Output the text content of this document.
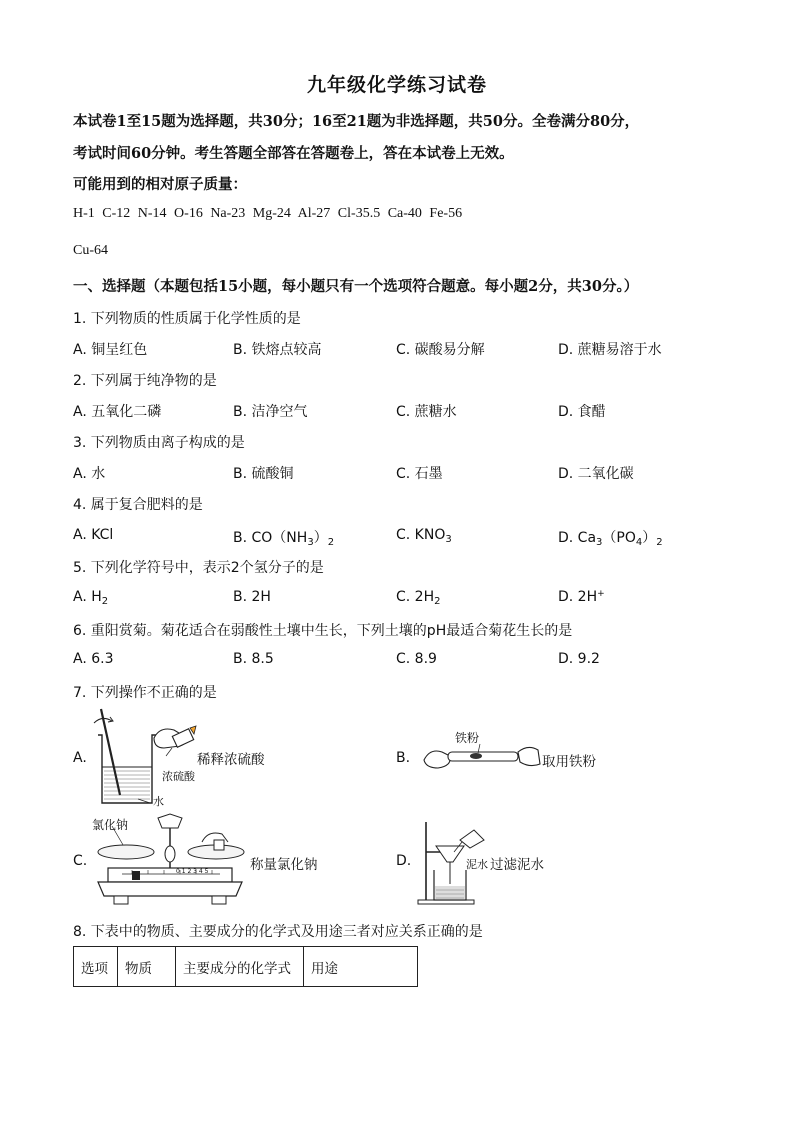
九年级化学练习试卷
本试卷1至15题为选择题，共30分；16至21题为非选择题，共50分。全卷满分80分，
考试时间60分钟。考生答题全部答在答题卷上，答在本试卷上无效。
可能用到的相对原子质量：
H-1 C-12 N-14 O-16 Na-23 Mg-24 Al-27 Cl-35.5 Ca-40 Fe-56
Cu-64
一、选择题（本题包括15小题，每小题只有一个选项符合题意。每小题2分，共30分。）
1. 下列物质的性质属于化学性质的是
A. 铜呈红色	B. 铁熔点较高	C. 碳酸易分解	D. 蔗糖易溶于水
2. 下列属于纯净物的是
A. 五氧化二磷	B. 洁净空气	C. 蔗糖水	D. 食醋
3. 下列物质由离子构成的是
A. 水	B. 硫酸铜	C. 石墨	D. 二氧化碳
4. 属于复合肥料的是
A. KCl	B. $CO(NH_3)_2$	C. $KNO_3$	D. $Ca_3(PO_4)_2$
5. 下列化学符号中，表示2个氢分子的是
A. $H_2$	B. 2H	C. $2H_2$	D. 2H+
6. 重阳赏菊。菊花适合在弱酸性土壤中生长，下列土壤的pH最适合菊花生长的是
A. 6.3	B. 8.5	C. 8.9	D. 9.2
7. 下列操作不正确的是
A.	稀释浓硫酸
浓硫酸
水
B.
铁粉
取用铁粉
C.
氯化钠
0 1 2 3 4 5	称量氯化钠	D.	泥水 过滤泥水
8. 下表中的物质、主要成分的化学式及用途三者对应关系正确的是
选项	物质	主要成分的化学式	用途
